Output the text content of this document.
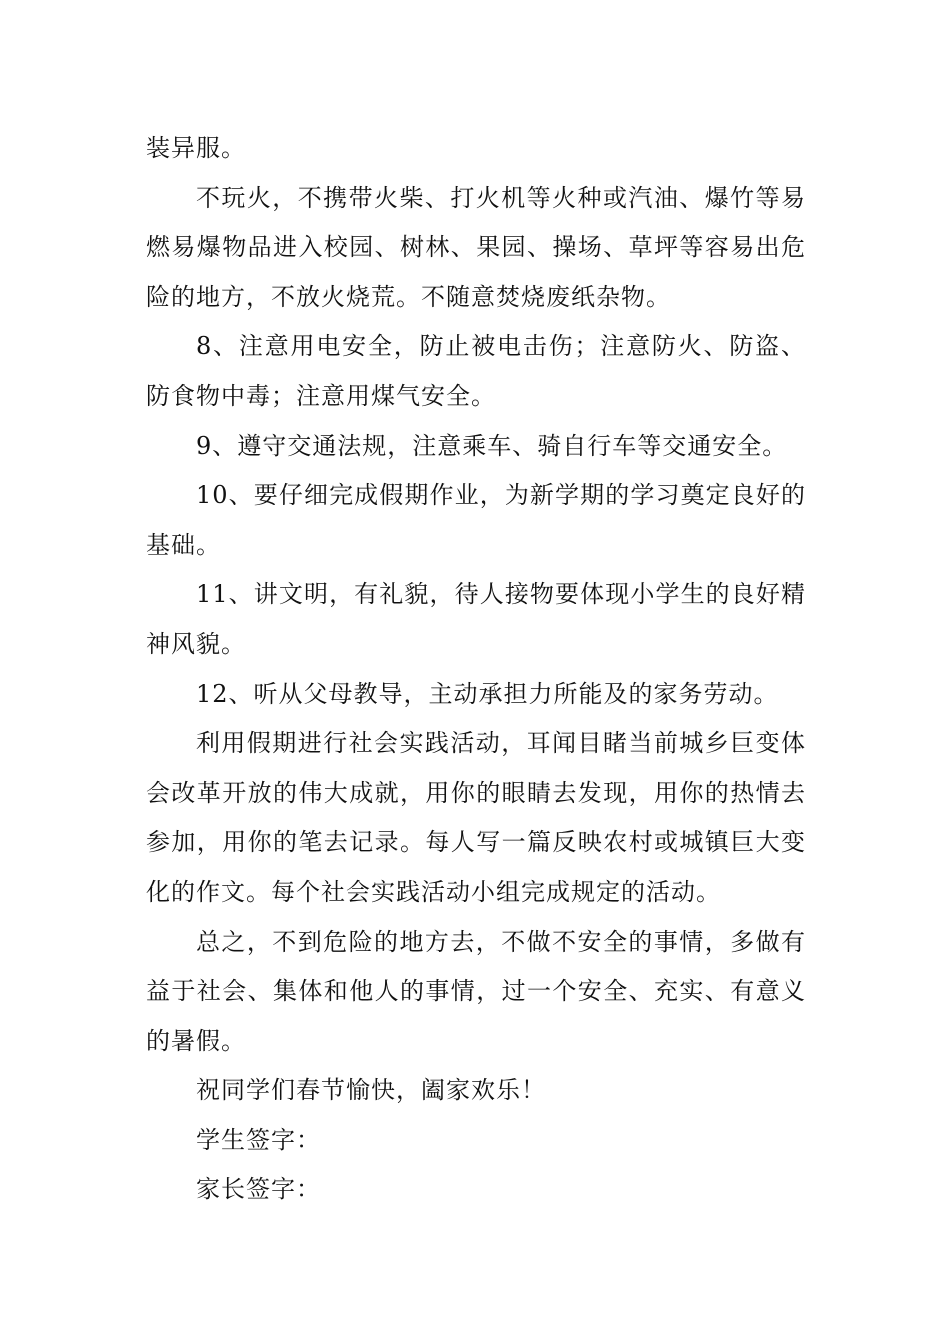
装异服。

不玩火，不携带火柴、打火机等火种或汽油、爆竹等易燃易爆物品进入校园、树林、果园、操场、草坪等容易出危险的地方，不放火烧荒。不随意焚烧废纸杂物。

8、注意用电安全，防止被电击伤；注意防火、防盗、防食物中毒；注意用煤气安全。

9、遵守交通法规，注意乘车、骑自行车等交通安全。

10、要仔细完成假期作业，为新学期的学习奠定良好的基础。

11、讲文明，有礼貌，待人接物要体现小学生的良好精神风貌。

12、听从父母教导，主动承担力所能及的家务劳动。

利用假期进行社会实践活动，耳闻目睹当前城乡巨变体会改革开放的伟大成就，用你的眼睛去发现，用你的热情去参加，用你的笔去记录。每人写一篇反映农村或城镇巨大变化的作文。每个社会实践活动小组完成规定的活动。

总之，不到危险的地方去，不做不安全的事情，多做有益于社会、集体和他人的事情，过一个安全、充实、有意义的暑假。

祝同学们春节愉快，阖家欢乐！

学生签字：

家长签字：
